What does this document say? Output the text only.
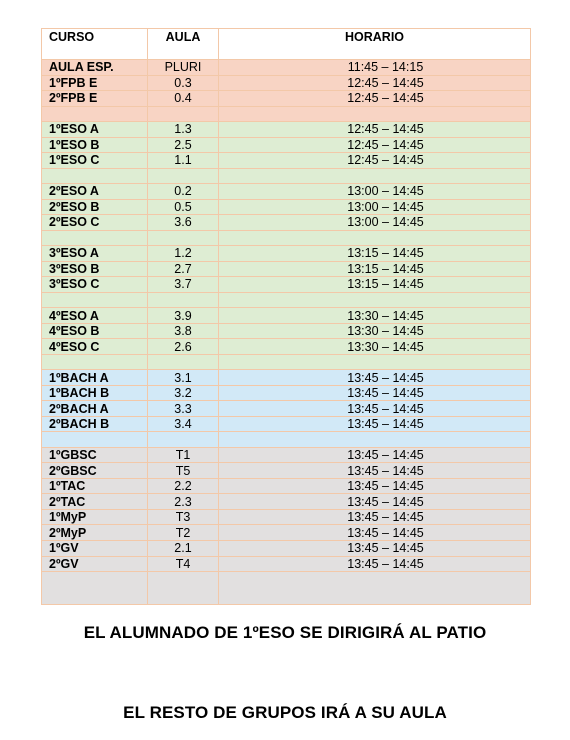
CURSO	AULA	HORARIO
AULA ESP.	PLURI	11:45 – 14:15
1ºFPB E	0.3	12:45 – 14:45
2ºFPB E	0.4	12:45 – 14:45

1ºESO A	1.3	12:45 – 14:45
1ºESO B	2.5	12:45 – 14:45
1ºESO C	1.1	12:45 – 14:45

2ºESO A	0.2	13:00 – 14:45
2ºESO B	0.5	13:00 – 14:45
2ºESO C	3.6	13:00 – 14:45

3ºESO A	1.2	13:15 – 14:45
3ºESO B	2.7	13:15 – 14:45
3ºESO C	3.7	13:15 – 14:45

4ºESO A	3.9	13:30 – 14:45
4ºESO B	3.8	13:30 – 14:45
4ºESO C	2.6	13:30 – 14:45

1ºBACH A	3.1	13:45 – 14:45
1ºBACH B	3.2	13:45 – 14:45
2ºBACH A	3.3	13:45 – 14:45
2ºBACH B	3.4	13:45 – 14:45

1ºGBSC	T1	13:45 – 14:45
2ºGBSC	T5	13:45 – 14:45
1ºTAC	2.2	13:45 – 14:45
2ºTAC	2.3	13:45 – 14:45
1ºMyP	T3	13:45 – 14:45
2ºMyP	T2	13:45 – 14:45
1ºGV	2.1	13:45 – 14:45
2ºGV	T4	13:45 – 14:45

EL ALUMNADO DE 1ºESO SE DIRIGIRÁ AL PATIO
EL RESTO DE GRUPOS IRÁ A SU AULA
